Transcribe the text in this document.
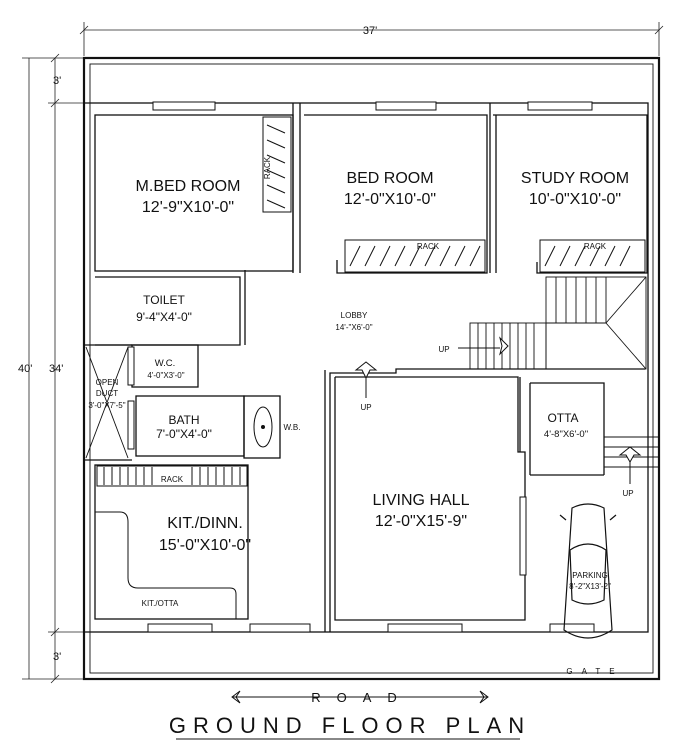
37'
40' 34'
3'
3'
M.BED ROOM
12'-9"X10'-0"
BED ROOM
12'-0"X10'-0"
STUDY ROOM
10'-0"X10'-0"
TOILET
9'-4"X4'-0"	LOBBY
14'-"X6'-0"
W.C.
4'-0"X3'-0"
OPEN
DUCT
3'-0"X7'-5"
BATH
7'-0"X4'-0"	W.B.
RACK
RACK	RACK
RACK
KIT./DINN.
15'-0"X10'-0"
KIT./OTTA
LIVING HALL
12'-0"X15'-9"
OTTA
4'-8"X6'-0"
PARKING
8'-2"X13'-2"
UP
UP
UP
GATE
ROAD
GROUND FLOOR PLAN
